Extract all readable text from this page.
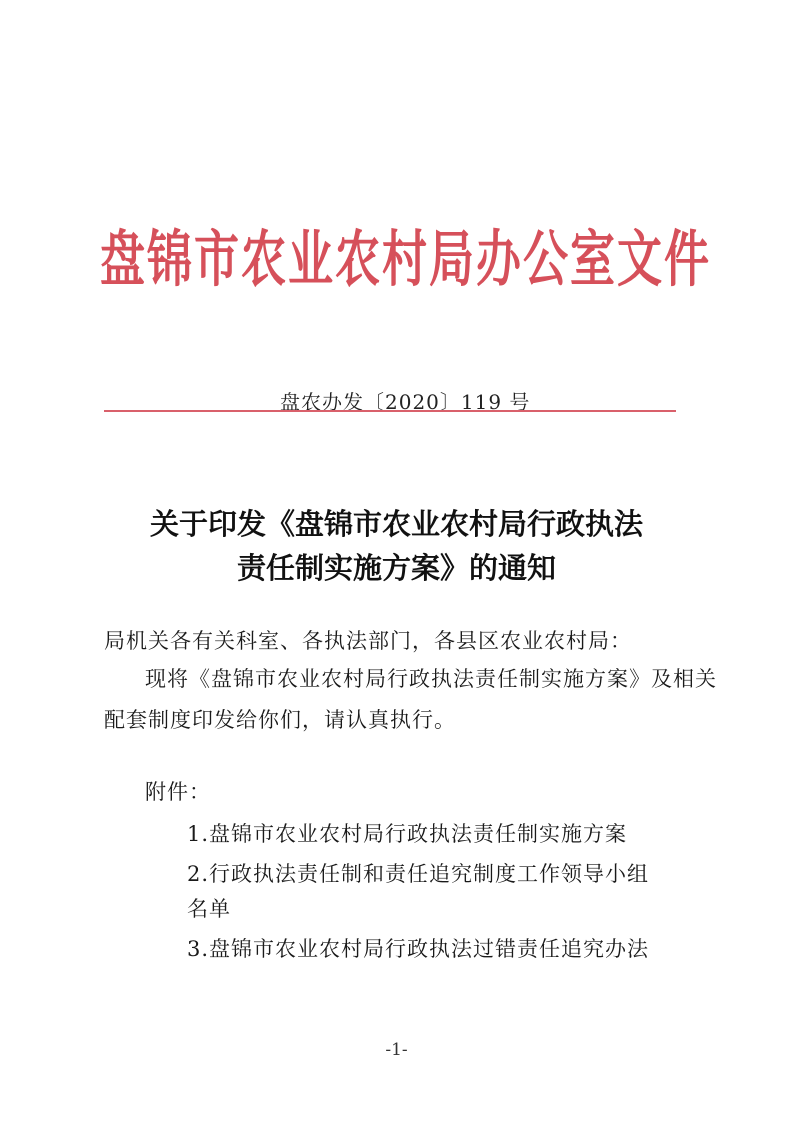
盘锦市农业农村局办公室文件
盘农办发〔2020〕119 号
关于印发《盘锦市农业农村局行政执法
责任制实施方案》的通知
局机关各有关科室、各执法部门，各县区农业农村局：
现将《盘锦市农业农村局行政执法责任制实施方案》及相关
配套制度印发给你们，请认真执行。
附件：
1.盘锦市农业农村局行政执法责任制实施方案
2.行政执法责任制和责任追究制度工作领导小组
名单
3.盘锦市农业农村局行政执法过错责任追究办法
-1-
